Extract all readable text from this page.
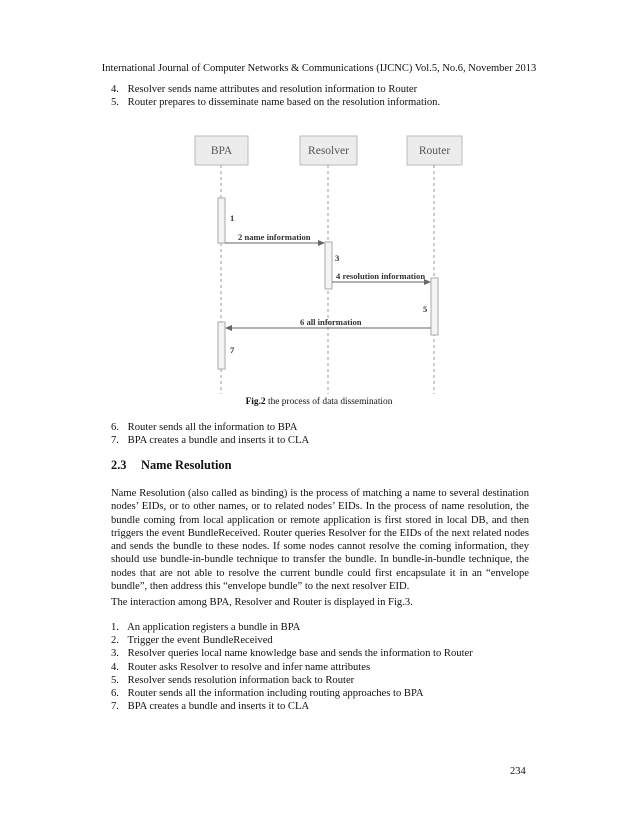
International Journal of Computer Networks & Communications (IJCNC) Vol.5, No.6, November 2013
4. Resolver sends name attributes and resolution information to Router
5. Router prepares to disseminate name based on the resolution information.
BPA	Resolver	Router
1
3
5
7
2 name information
4 resolution information
6 all information
Fig.2 the process of data dissemination
6. Router sends all the information to BPA
7. BPA creates a bundle and inserts it to CLA
2.3 Name Resolution

Name Resolution (also called as binding) is the process of matching a name to several destination nodes’ EIDs, or to other names, or to related nodes’ EIDs. In the process of name resolution, the bundle coming from local application or remote application is first stored in local DB, and then triggers the event BundleReceived. Router queries Resolver for the EIDs of the next related nodes and sends the bundle to these nodes. If some nodes cannot resolve the coming information, they should use bundle-in-bundle technique to transfer the bundle. In bundle-in-bundle technique, the nodes that are not able to resolve the current bundle could first encapsulate it in an “envelope bundle”, then address this “envelope bundle” to the next resolver EID.

The interaction among BPA, Resolver and Router is displayed in Fig.3.

1. An application registers a bundle in BPA
2. Trigger the event BundleReceived
3. Resolver queries local name knowledge base and sends the information to Router
4. Router asks Resolver to resolve and infer name attributes
5. Resolver sends resolution information back to Router
6. Router sends all the information including routing approaches to BPA
7. BPA creates a bundle and inserts it to CLA
234
